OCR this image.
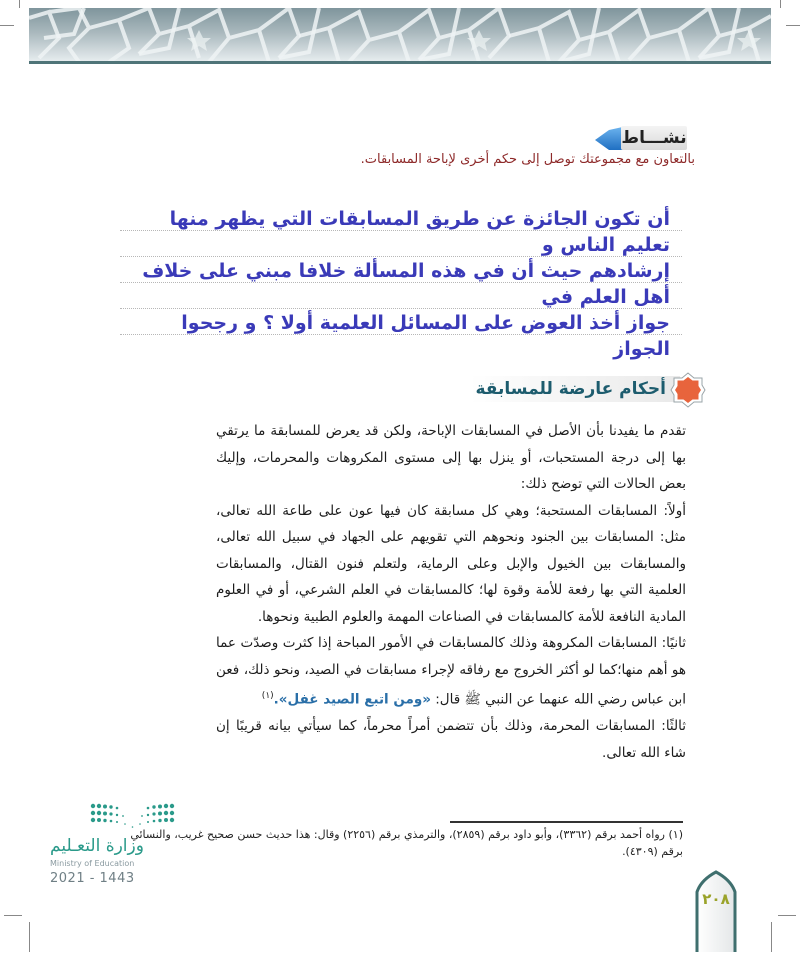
نشـــاط
بالتعاون مع مجموعتك توصل إلى حكم أخرى لإباحة المسابقات.
أن تكون الجائزة عن طريق المسابقات التي يظهر منها تعليم الناس و
إرشادهم حيث أن في هذه المسألة خلافا مبني على خلاف أهل العلم في
جواز أخذ العوض على المسائل العلمية أولا ؟ و رجحوا الجواز
أحكام عارضة للمسابقة

تقدم ما يفيدنا بأن الأصل في المسابقات الإباحة، ولكن قد يعرض للمسابقة ما يرتقي بها إلى درجة المستحبات، أو ينزل بها إلى مستوى المكروهات والمحرمات، وإليك بعض الحالات التي توضح ذلك:

أولاً: المسابقات المستحبة؛ وهي كل مسابقة كان فيها عون على طاعة الله تعالى، مثل: المسابقات بين الجنود ونحوهم التي تقويهم على الجهاد في سبيل الله تعالى، والمسابقات بين الخيول والإبل وعلى الرماية، ولتعلم فنون القتال، والمسابقات العلمية التي بها رفعة للأمة وقوة لها؛ كالمسابقات في العلم الشرعي، أو في العلوم المادية النافعة للأمة كالمسابقات في الصناعات المهمة والعلوم الطبية ونحوها.

ثانيًا: المسابقات المكروهة وذلك كالمسابقات في الأمور المباحة إذا كثرت وصدّت عما هو أهم منها؛كما لو أكثر الخروج مع رفاقه لإجراء مسابقات في الصيد، ونحو ذلك، فعن ابن عباس رضي الله عنهما عن النبي ﷺ قال: «ومن اتبع الصيد غفل».$^{(١)}$

ثالثًا: المسابقات المحرمة، وذلك بأن تتضمن أمراً محرماً، كما سيأتي بيانه قريبًا إن شاء الله تعالى.

(١) رواه أحمد برقم (٣٣٦٢)، وأبو داود برقم (٢٨٥٩)، والترمذي برقم (٢٢٥٦) وقال: هذا حديث حسن صحيح غريب، والنسائي برقم (٤٣٠٩).
وزارة التعـليم
Ministry of Education
2021 - 1443
٢٠٨
